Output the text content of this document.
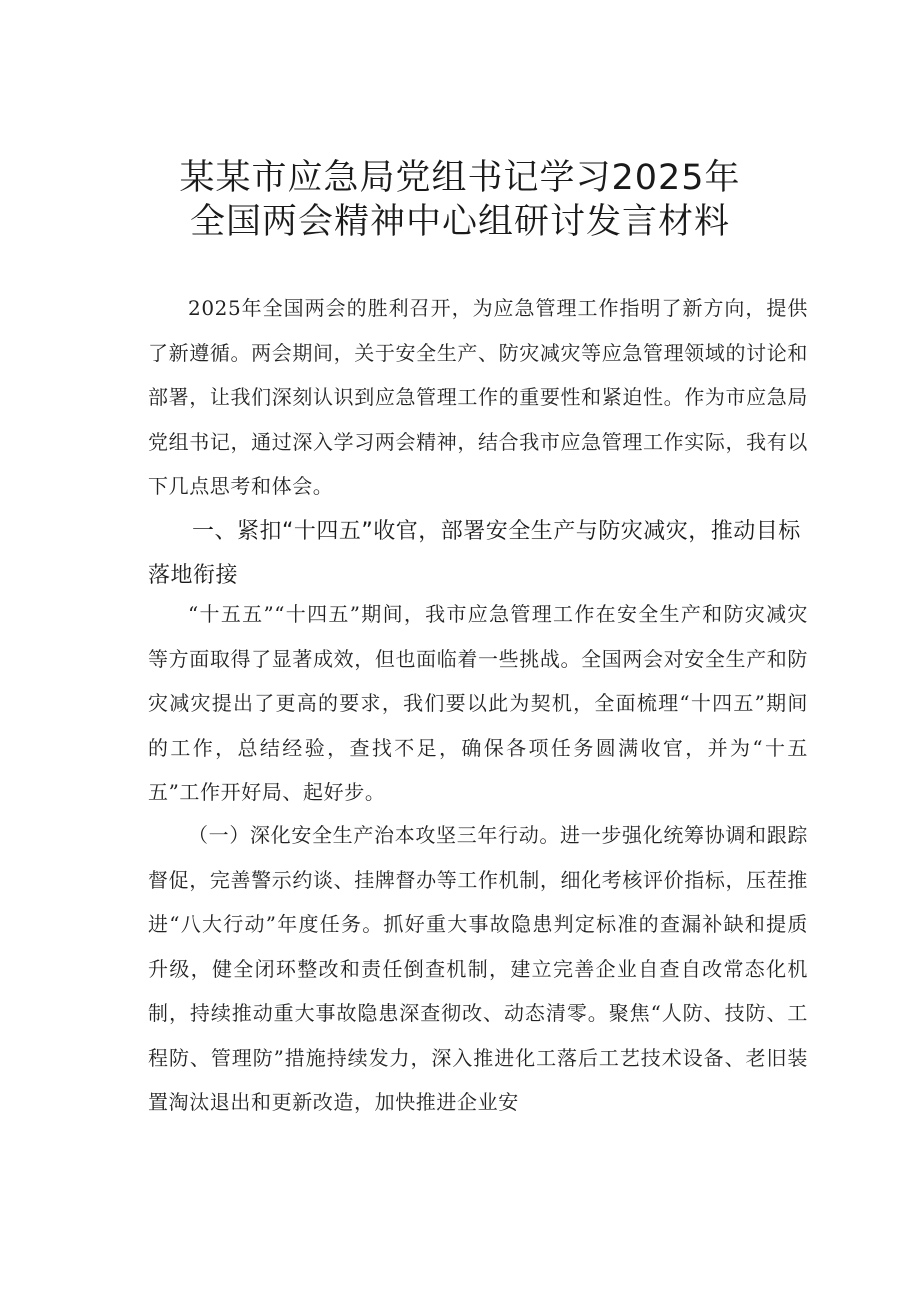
某某市应急局党组书记学习2025年
全国两会精神中心组研讨发言材料

2025年全国两会的胜利召开，为应急管理工作指明了新方向，提供了新遵循。两会期间，关于安全生产、防灾减灾等应急管理领域的讨论和部署，让我们深刻认识到应急管理工作的重要性和紧迫性。作为市应急局党组书记，通过深入学习两会精神，结合我市应急管理工作实际，我有以下几点思考和体会。

一、紧扣“十四五”收官，部署安全生产与防灾减灾，推动目标落地衔接

“十五五”“十四五”期间，我市应急管理工作在安全生产和防灾减灾等方面取得了显著成效，但也面临着一些挑战。全国两会对安全生产和防灾减灾提出了更高的要求，我们要以此为契机，全面梳理“十四五”期间的工作，总结经验，查找不足，确保各项任务圆满收官，并为“十五五”工作开好局、起好步。

（一）深化安全生产治本攻坚三年行动。进一步强化统筹协调和跟踪督促，完善警示约谈、挂牌督办等工作机制，细化考核评价指标，压茬推进“八大行动”年度任务。抓好重大事故隐患判定标准的查漏补缺和提质升级，健全闭环整改和责任倒查机制，建立完善企业自查自改常态化机制，持续推动重大事故隐患深查彻改、动态清零。聚焦“人防、技防、工程防、管理防”措施持续发力，深入推进化工落后工艺技术设备、老旧装置淘汰退出和更新改造，加快推进企业安
